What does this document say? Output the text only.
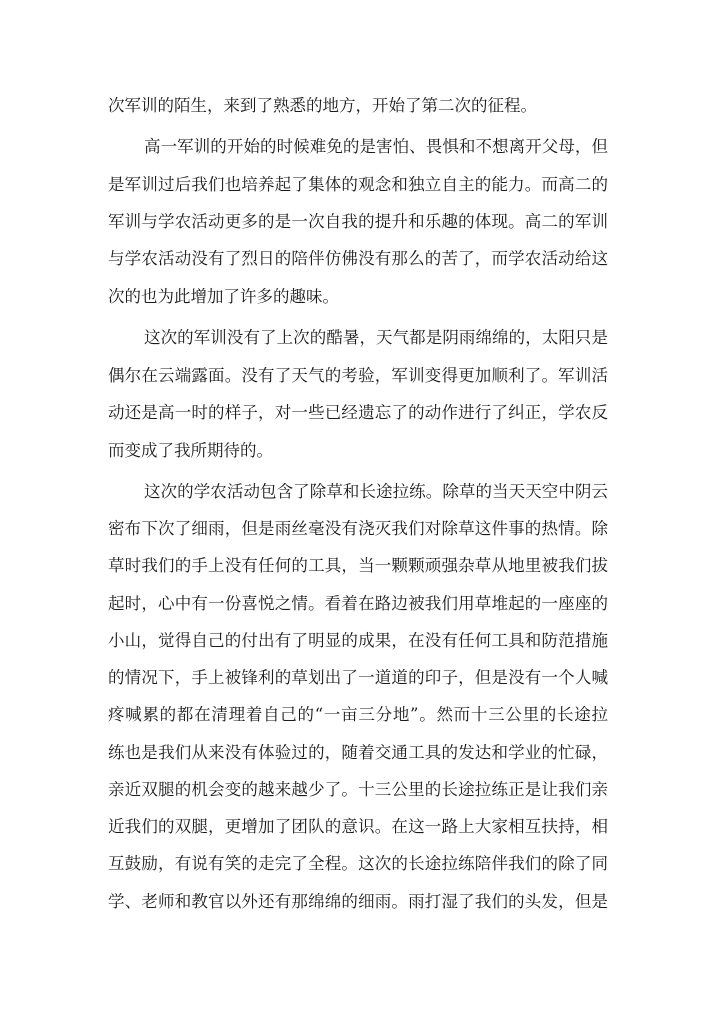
次军训的陌生，来到了熟悉的地方，开始了第二次的征程。
高一军训的开始的时候难免的是害怕、畏惧和不想离开父母，但
是军训过后我们也培养起了集体的观念和独立自主的能力。而高二的
军训与学农活动更多的是一次自我的提升和乐趣的体现。高二的军训
与学农活动没有了烈日的陪伴仿佛没有那么的苦了，而学农活动给这
次的也为此增加了许多的趣味。
这次的军训没有了上次的酷暑，天气都是阴雨绵绵的，太阳只是
偶尔在云端露面。没有了天气的考验，军训变得更加顺利了。军训活
动还是高一时的样子，对一些已经遗忘了的动作进行了纠正，学农反
而变成了我所期待的。
这次的学农活动包含了除草和长途拉练。除草的当天天空中阴云
密布下次了细雨，但是雨丝毫没有浇灭我们对除草这件事的热情。除
草时我们的手上没有任何的工具，当一颗颗顽强杂草从地里被我们拔
起时，心中有一份喜悦之情。看着在路边被我们用草堆起的一座座的
小山，觉得自己的付出有了明显的成果，在没有任何工具和防范措施
的情况下，手上被锋利的草划出了一道道的印子，但是没有一个人喊
疼喊累的都在清理着自己的“一亩三分地”。然而十三公里的长途拉
练也是我们从来没有体验过的，随着交通工具的发达和学业的忙碌，
亲近双腿的机会变的越来越少了。十三公里的长途拉练正是让我们亲
近我们的双腿，更增加了团队的意识。在这一路上大家相互扶持，相
互鼓励，有说有笑的走完了全程。这次的长途拉练陪伴我们的除了同
学、老师和教官以外还有那绵绵的细雨。雨打湿了我们的头发，但是
